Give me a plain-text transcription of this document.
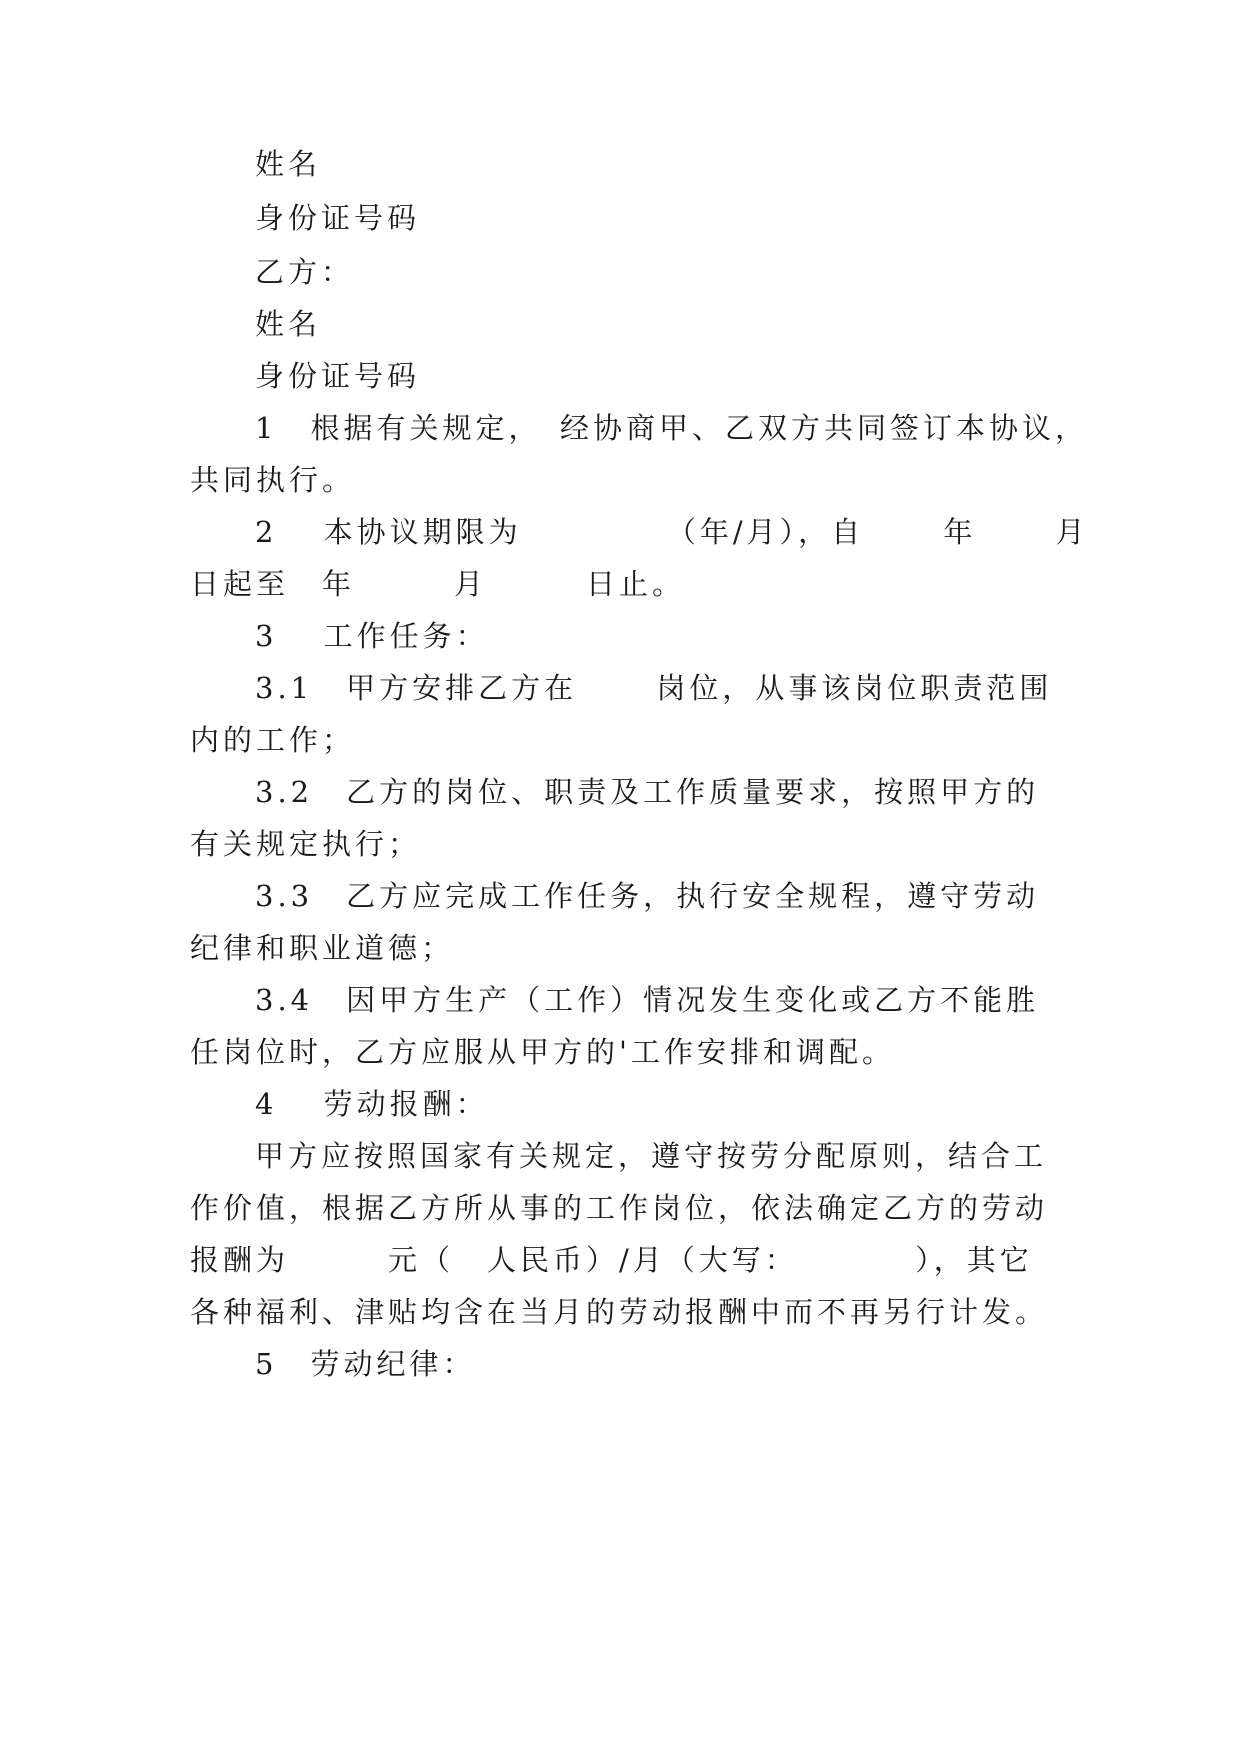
姓名
身份证号码
乙方：
姓名
身份证号码
1　根据有关规定，　经协商甲、乙双方共同签订本协议，
共同执行。
2　 本协议期限为　　　　 （年/月），自　　 年　　 月
日起至　年　　　月　　　日止。
3　 工作任务：
3.1　甲方安排乙方在　　 岗位，从事该岗位职责范围
内的工作；
3.2　乙方的岗位、职责及工作质量要求，按照甲方的
有关规定执行；
3.3　乙方应完成工作任务，执行安全规程，遵守劳动
纪律和职业道德；
3.4　因甲方生产（工作）情况发生变化或乙方不能胜
任岗位时，乙方应服从甲方的'工作安排和调配。
4　 劳动报酬：
甲方应按照国家有关规定，遵守按劳分配原则，结合工
作价值，根据乙方所从事的工作岗位，依法确定乙方的劳动
报酬为　　　元（　人民币）/月（大写：　　　　），其它
各种福利、津贴均含在当月的劳动报酬中而不再另行计发。
5　劳动纪律：
